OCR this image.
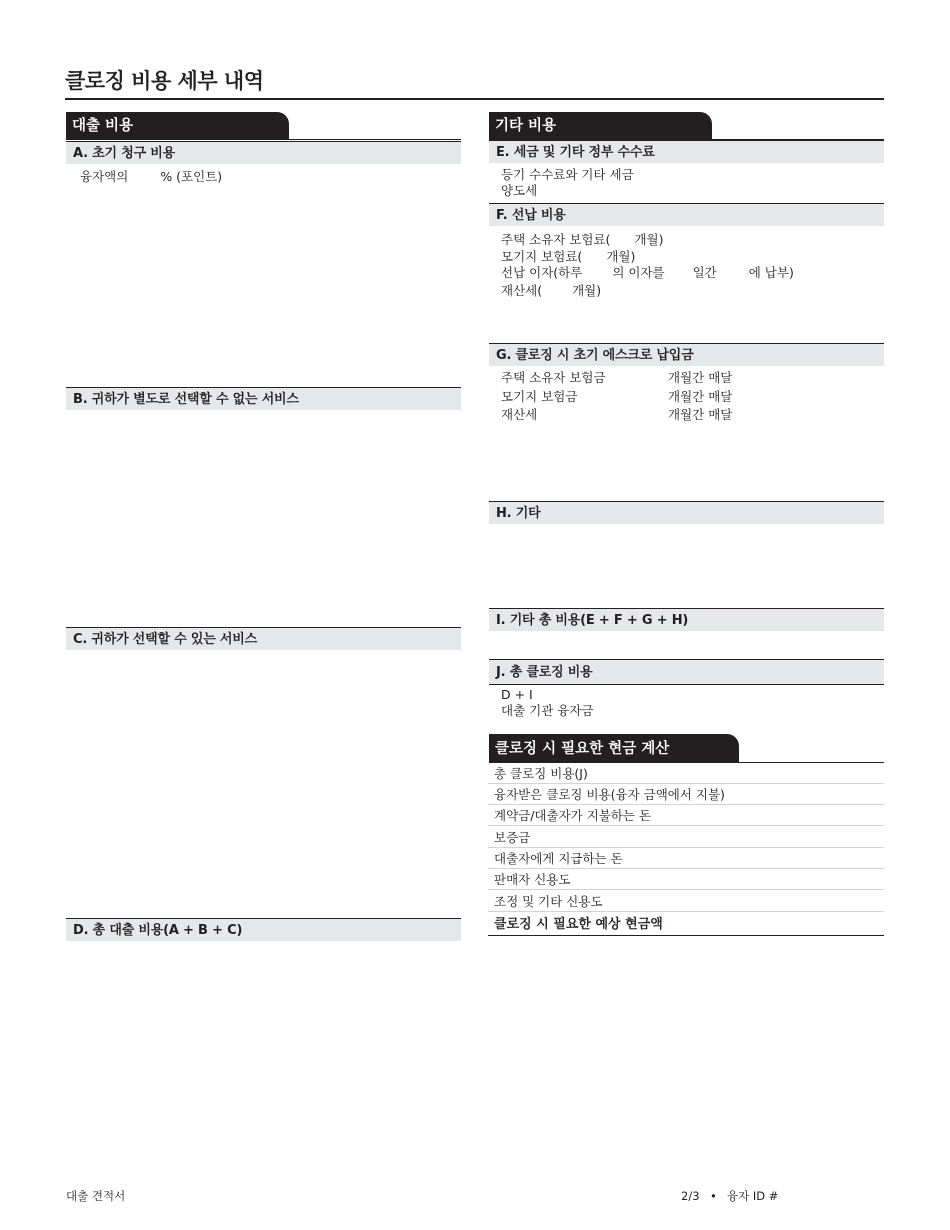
클로징 비용 세부 내역
대출 비용
A. 초기 청구 비용
융자액의	% (포인트)
B. 귀하가 별도로 선택할 수 없는 서비스
C. 귀하가 선택할 수 있는 서비스
D. 총 대출 비용(A + B + C)
기타 비용
E. 세금 및 기타 정부 수수료
등기 수수료와 기타 세금
양도세
F. 선납 비용
주택 소유자 보험료( 개월)
모기지 보험료( 개월)
선납 이자(하루 의 이자를 일간	에 납부)
재산세( 개월)
G. 클로징 시 초기 에스크로 납입금
주택 소유자 보험금	개월간 매달
모기지 보험금	개월간 매달
재산세	개월간 매달
H. 기타
I. 기타 총 비용(E + F + G + H)
J. 총 클로징 비용
D + I
대출 기관 융자금
클로징 시 필요한 현금 계산
총 클로징 비용(J)
융자받은 클로징 비용(융자 금액에서 지불)
계약금/대출자가 지불하는 돈
보증금
대출자에게 지급하는 돈
판매자 신용도
조정 및 기타 신용도
클로징 시 필요한 예상 현금액
대출 견적서	2/3 • 융자 ID #
